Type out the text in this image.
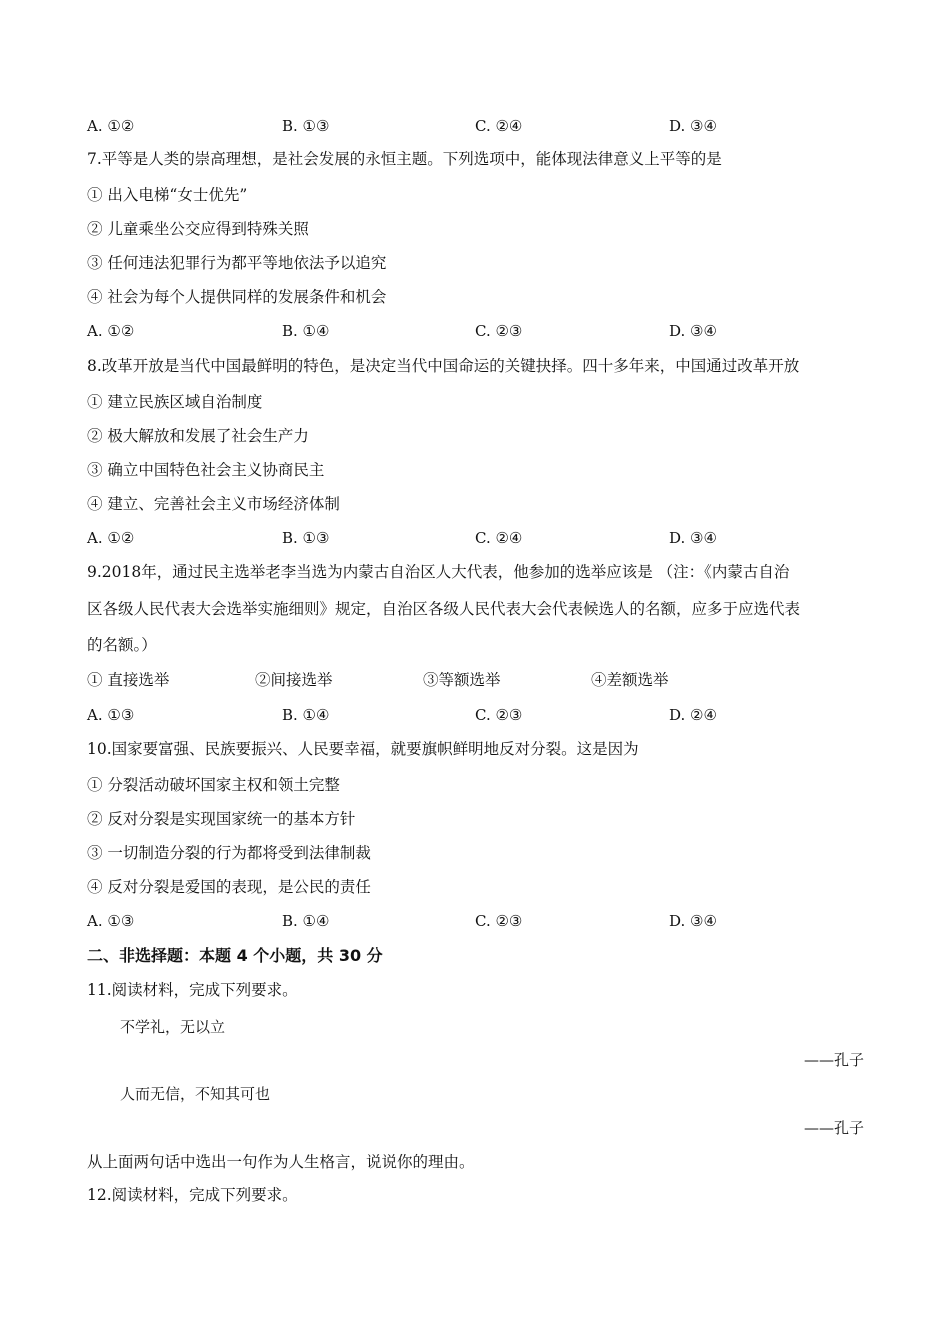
A. ①②	B. ①③	C. ②④	D. ③④
7.平等是人类的崇高理想，是社会发展的永恒主题。下列选项中，能体现法律意义上平等的是
① 出入电梯“女士优先”
② 儿童乘坐公交应得到特殊关照
③ 任何违法犯罪行为都平等地依法予以追究
④ 社会为每个人提供同样的发展条件和机会
A. ①②	B. ①④	C. ②③	D. ③④
8.改革开放是当代中国最鲜明的特色，是决定当代中国命运的关键抉择。四十多年来，中国通过改革开放
① 建立民族区域自治制度
② 极大解放和发展了社会生产力
③ 确立中国特色社会主义协商民主
④ 建立、完善社会主义市场经济体制
A. ①②	B. ①③	C. ②④	D. ③④
9.2018年，通过民主选举老李当选为内蒙古自治区人大代表，他参加的选举应该是 （注：《内蒙古自治
区各级人民代表大会选举实施细则》规定，自治区各级人民代表大会代表候选人的名额，应多于应选代表
的名额。）
① 直接选举	②间接选举	③等额选举	④差额选举
A. ①③	B. ①④	C. ②③	D. ②④
10.国家要富强、民族要振兴、人民要幸福，就要旗帜鲜明地反对分裂。这是因为
① 分裂活动破坏国家主权和领土完整
② 反对分裂是实现国家统一的基本方针
③ 一切制造分裂的行为都将受到法律制裁
④ 反对分裂是爱国的表现，是公民的责任
A. ①③	B. ①④	C. ②③	D. ③④
二、非选择题：本题 4 个小题，共 30 分
11.阅读材料，完成下列要求。
不学礼，无以立
——孔子
人而无信，不知其可也
——孔子
从上面两句话中选出一句作为人生格言，说说你的理由。
12.阅读材料，完成下列要求。
